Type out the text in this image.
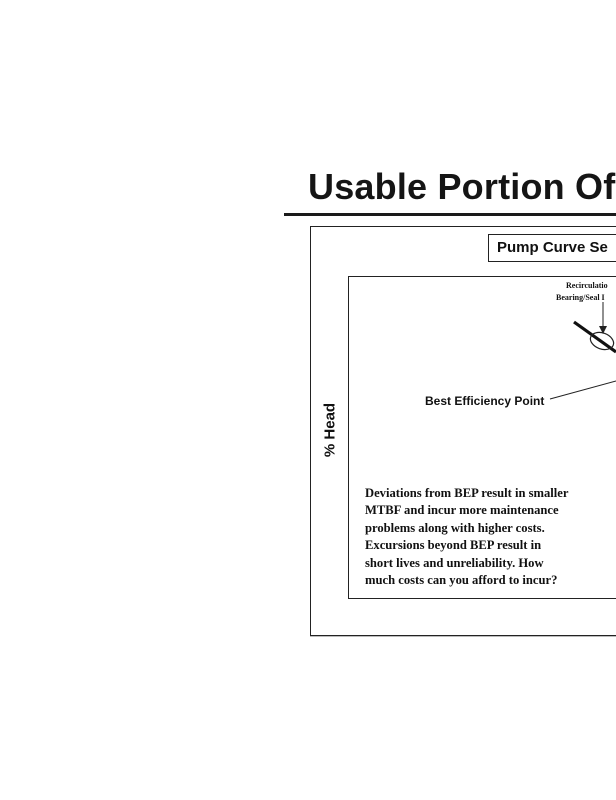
Usable Portion Of
Pump Curve Se
% Head
Recirculatio
Bearing/Seal I
Best Efficiency Point
Deviations from BEP result in smaller
MTBF and incur more maintenance
problems along with higher costs.
Excursions beyond BEP result in
short lives and unreliability. How
much costs can you afford to incur?
